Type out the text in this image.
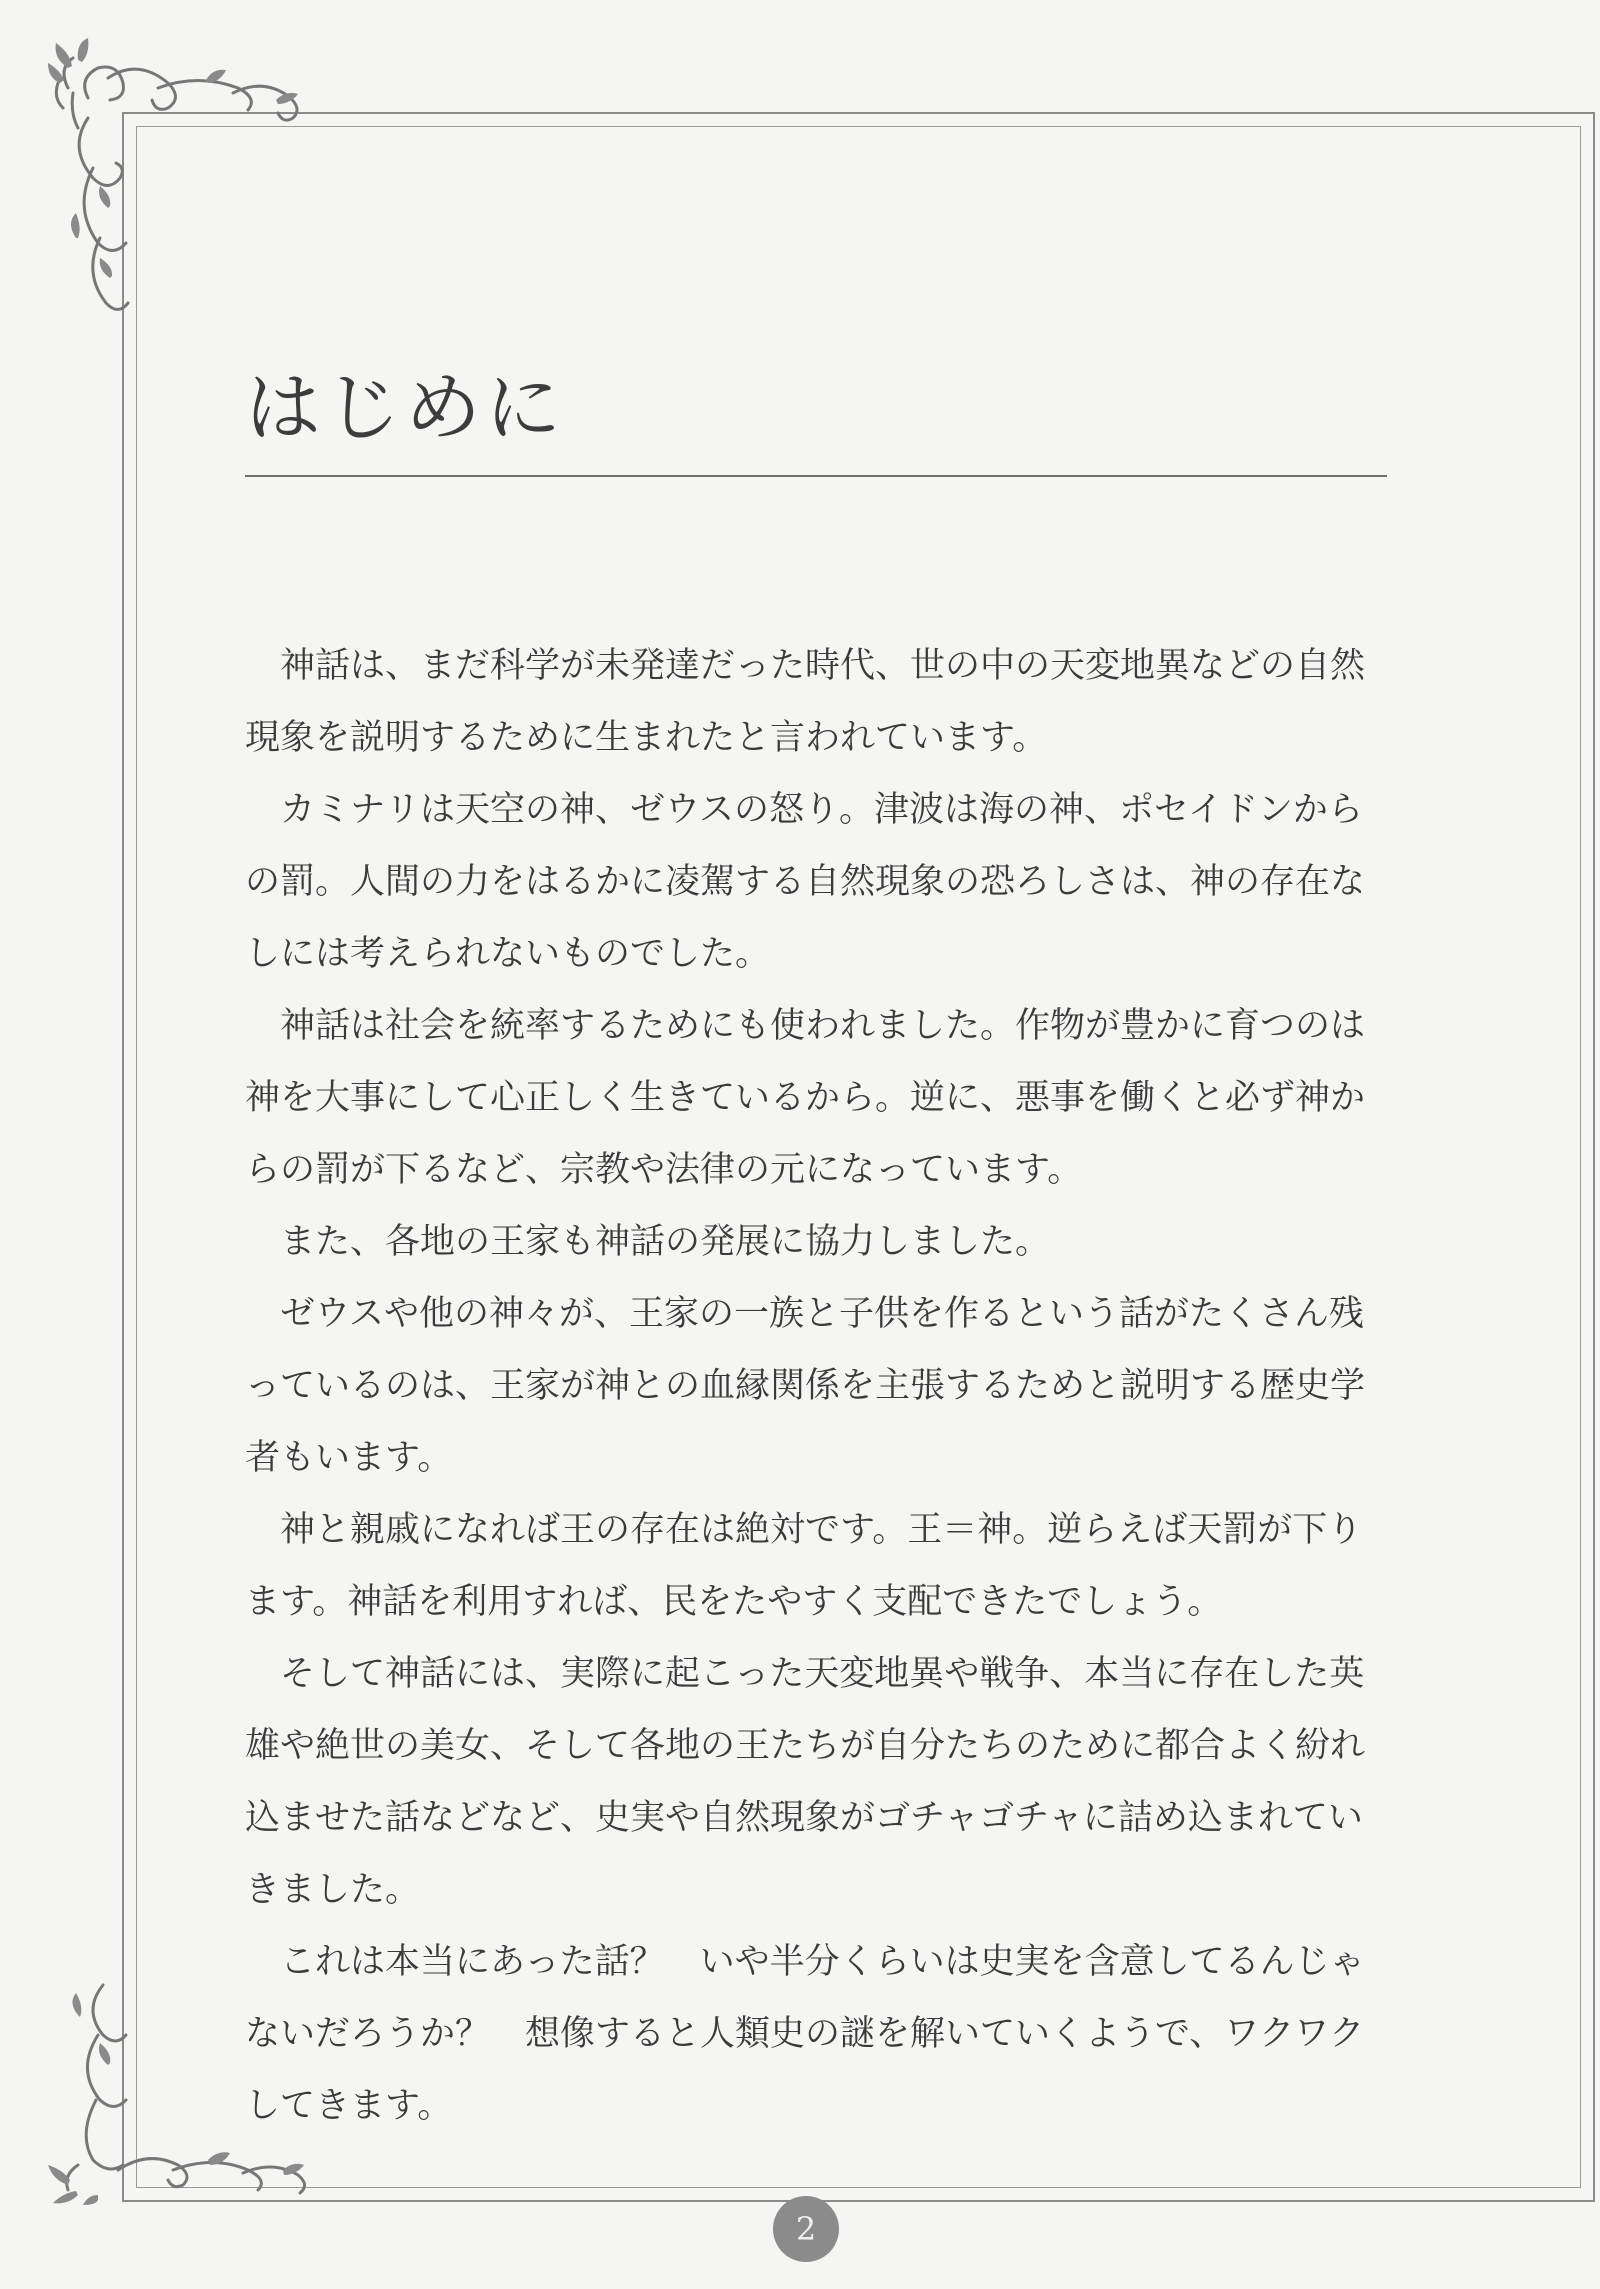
はじめに

神話は、まだ科学が未発達だった時代、世の中の天変地異などの自然現象を説明するために生まれたと言われています。

カミナリは天空の神、ゼウスの怒り。津波は海の神、ポセイドンからの罰。人間の力をはるかに凌駕する自然現象の恐ろしさは、神の存在なしには考えられないものでした。

神話は社会を統率するためにも使われました。作物が豊かに育つのは神を大事にして心正しく生きているから。逆に、悪事を働くと必ず神からの罰が下るなど、宗教や法律の元になっています。

また、各地の王家も神話の発展に協力しました。

ゼウスや他の神々が、王家の一族と子供を作るという話がたくさん残っているのは、王家が神との血縁関係を主張するためと説明する歴史学者もいます。

神と親戚になれば王の存在は絶対です。王＝神。逆らえば天罰が下ります。神話を利用すれば、民をたやすく支配できたでしょう。

そして神話には、実際に起こった天変地異や戦争、本当に存在した英雄や絶世の美女、そして各地の王たちが自分たちのために都合よく紛れ込ませた話などなど、史実や自然現象がゴチャゴチャに詰め込まれていきました。

これは本当にあった話？　いや半分くらいは史実を含意してるんじゃないだろうか？　想像すると人類史の謎を解いていくようで、ワクワクしてきます。

2
